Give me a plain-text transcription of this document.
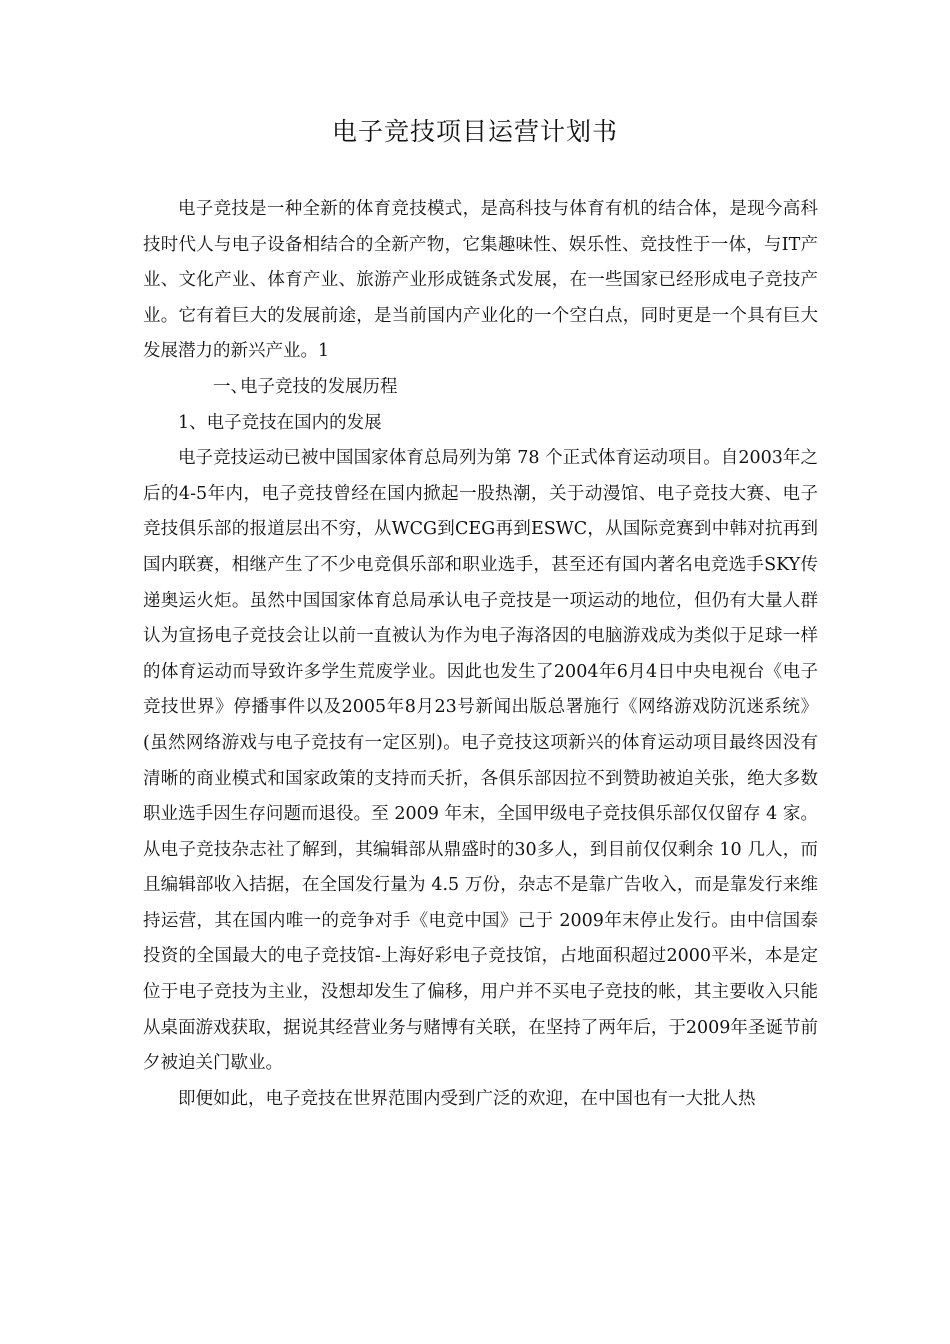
电子竞技项目运营计划书

电子竞技是一种全新的体育竞技模式，是高科技与体育有机的结合体，是现今高科技时代人与电子设备相结合的全新产物，它集趣味性、娱乐性、竞技性于一体，与IT产业、文化产业、体育产业、旅游产业形成链条式发展，在一些国家已经形成电子竞技产业。它有着巨大的发展前途，是当前国内产业化的一个空白点，同时更是一个具有巨大发展潜力的新兴产业。1

一、电子竞技的发展历程

1、电子竞技在国内的发展

电子竞技运动已被中国国家体育总局列为第 78 个正式体育运动项目。自2003年之后的4-5年内，电子竞技曾经在国内掀起一股热潮，关于动漫馆、电子竞技大赛、电子竞技俱乐部的报道层出不穷，从WCG到CEG再到ESWC，从国际竞赛到中韩对抗再到国内联赛，相继产生了不少电竞俱乐部和职业选手，甚至还有国内著名电竞选手SKY传递奥运火炬。虽然中国国家体育总局承认电子竞技是一项运动的地位，但仍有大量人群认为宣扬电子竞技会让以前一直被认为作为电子海洛因的电脑游戏成为类似于足球一样的体育运动而导致许多学生荒废学业。因此也发生了2004年6月4日中央电视台《电子竞技世界》停播事件以及2005年8月23号新闻出版总署施行《网络游戏防沉迷系统》(虽然网络游戏与电子竞技有一定区别)。电子竞技这项新兴的体育运动项目最终因没有清晰的商业模式和国家政策的支持而夭折，各俱乐部因拉不到赞助被迫关张，绝大多数职业选手因生存问题而退役。至 2009 年末，全国甲级电子竞技俱乐部仅仅留存 4 家。从电子竞技杂志社了解到，其编辑部从鼎盛时的30多人，到目前仅仅剩余 10 几人，而且编辑部收入拮据，在全国发行量为 4.5 万份，杂志不是靠广告收入，而是靠发行来维持运营，其在国内唯一的竞争对手《电竞中国》己于 2009年末停止发行。由中信国泰投资的全国最大的电子竞技馆-上海好彩电子竞技馆，占地面积超过2000平米，本是定位于电子竞技为主业，没想却发生了偏移，用户并不买电子竞技的帐，其主要收入只能从桌面游戏获取，据说其经营业务与赌博有关联，在坚持了两年后，于2009年圣诞节前夕被迫关门歇业。

即便如此，电子竞技在世界范围内受到广泛的欢迎，在中国也有一大批人热
